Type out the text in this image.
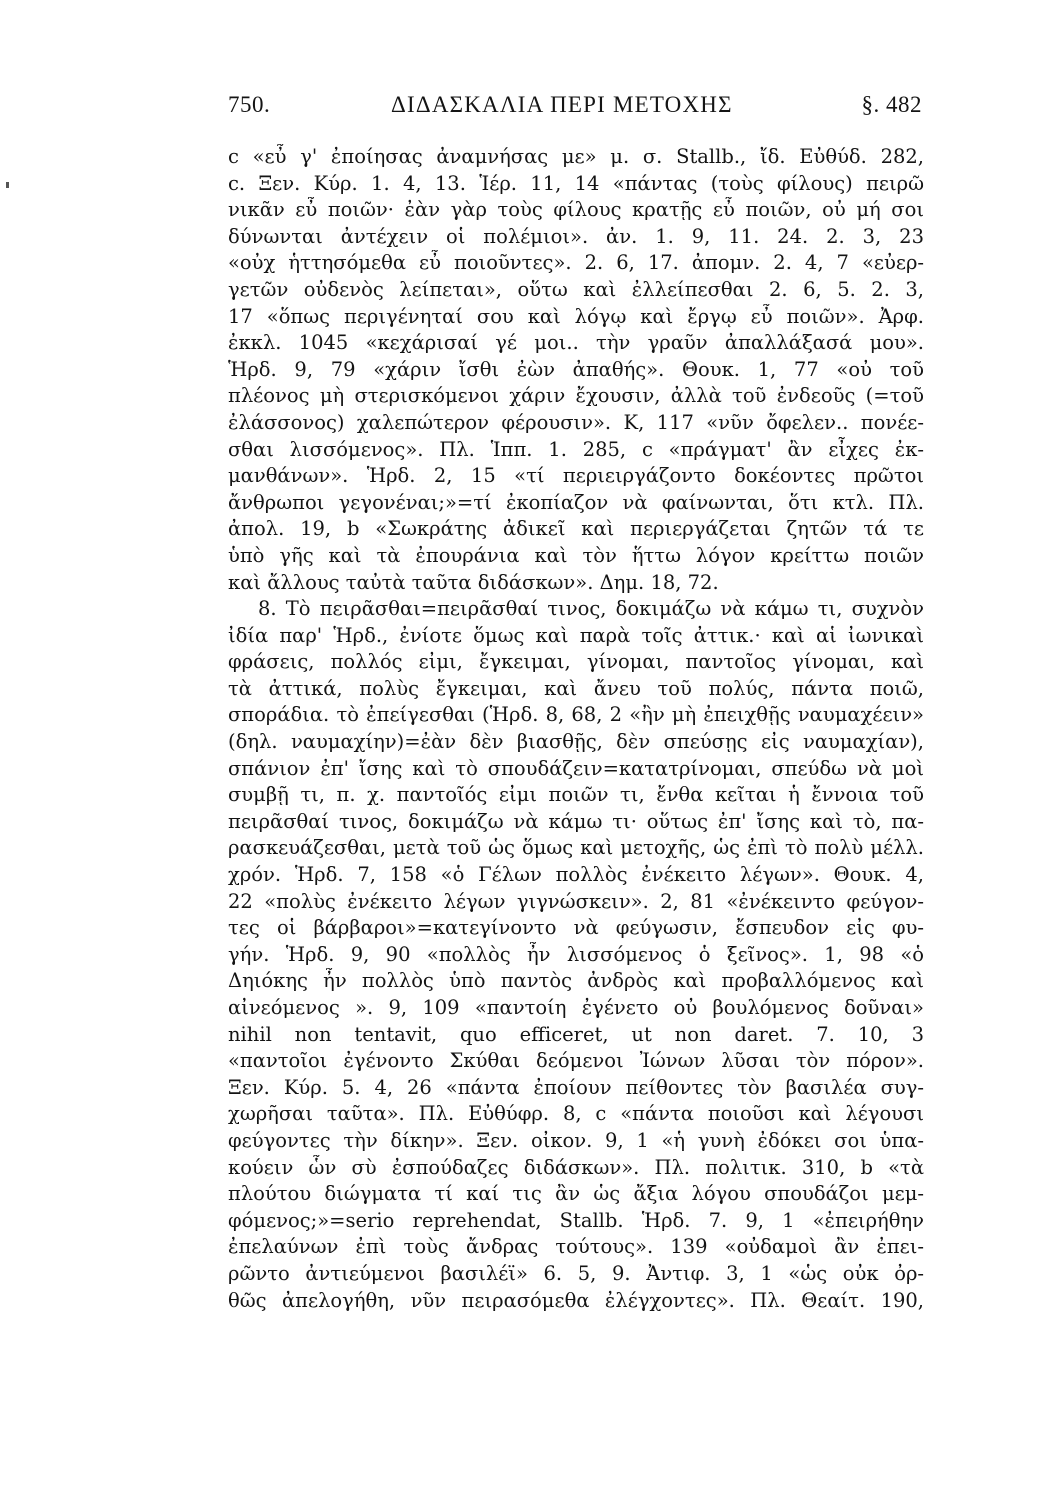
750.	ΔΙΔΑΣΚΑΛΙΑ ΠΕΡΙ ΜΕΤΟΧΗΣ	§. 482
c «εὖ γ' ἐποίησας ἀναμνήσας με» μ. σ. Stallb., ἴδ. Εὐθύδ. 282,
c. Ξεν. Κύρ. 1. 4, 13. Ἱέρ. 11, 14 «πάντας (τοὺς φίλους) πειρῶ
νικᾶν εὖ ποιῶν· ἐὰν γὰρ τοὺς φίλους κρατῇς εὖ ποιῶν, οὐ μή σοι
δύνωνται ἀντέχειν οἱ πολέμιοι». ἀν. 1. 9, 11. 24. 2. 3, 23
«οὐχ ἡττησόμεθα εὖ ποιοῦντες». 2. 6, 17. ἀπομν. 2. 4, 7 «εὐερ-
γετῶν οὐδενὸς λείπεται», οὕτω καὶ ἐλλείπεσθαι 2. 6, 5. 2. 3,
17 «ὅπως περιγένηταί σου καὶ λόγῳ καὶ ἔργῳ εὖ ποιῶν». Ἀρφ.
ἐκκλ. 1045 «κεχάρισαί γέ μοι.. τὴν γραῦν ἀπαλλάξασά μου».
Ἡρδ. 9, 79 «χάριν ἴσθι ἐὼν ἀπαθής». Θουκ. 1, 77 «οὐ τοῦ
πλέονος μὴ στερισκόμενοι χάριν ἔχουσιν, ἀλλὰ τοῦ ἐνδεοῦς (=τοῦ
ἐλάσσονος) χαλεπώτερον φέρουσιν». Κ, 117 «νῦν ὄφελεν.. πονέε-
σθαι λισσόμενος». Πλ. Ἱππ. 1. 285, c «πράγματ' ἂν εἶχες ἐκ-
μανθάνων». Ἡρδ. 2, 15 «τί περιειργάζοντο δοκέοντες πρῶτοι
ἄνθρωποι γεγονέναι;»=τί ἐκοπίαζον νὰ φαίνωνται, ὅτι κτλ. Πλ.
ἀπολ. 19, b «Σωκράτης ἀδικεῖ καὶ περιεργάζεται ζητῶν τά τε
ὑπὸ γῆς καὶ τὰ ἐπουράνια καὶ τὸν ἥττω λόγον κρείττω ποιῶν
καὶ ἄλλους ταὐτὰ ταῦτα διδάσκων». Δημ. 18, 72.
8. Τὸ πειρᾶσθαι=πειρᾶσθαί τινος, δοκιμάζω νὰ κάμω τι, συχνὸν
ἰδία παρ' Ἡρδ., ἐνίοτε ὅμως καὶ παρὰ τοῖς ἀττικ.· καὶ αἱ ἰωνικαὶ
φράσεις, πολλός εἰμι, ἔγκειμαι, γίνομαι, παντοῖος γίνομαι, καὶ
τὰ ἀττικά, πολὺς ἔγκειμαι, καὶ ἄνευ τοῦ πολύς, πάντα ποιῶ,
σποράδια. τὸ ἐπείγεσθαι (Ἡρδ. 8, 68, 2 «ἢν μὴ ἐπειχθῇς ναυμαχέειν»
(δηλ. ναυμαχίην)=ἐὰν δὲν βιασθῇς, δὲν σπεύσῃς εἰς ναυμαχίαν),
σπάνιον ἐπ' ἴσης καὶ τὸ σπουδάζειν=κατατρίνομαι, σπεύδω νὰ μοὶ
συμβῇ τι, π. χ. παντοῖός εἰμι ποιῶν τι, ἔνθα κεῖται ἡ ἔννοια τοῦ
πειρᾶσθαί τινος, δοκιμάζω νὰ κάμω τι· οὕτως ἐπ' ἴσης καὶ τὸ, πα-
ρασκευάζεσθαι, μετὰ τοῦ ὡς ὅμως καὶ μετοχῆς, ὡς ἐπὶ τὸ πολὺ μέλλ.
χρόν. Ἡρδ. 7, 158 «ὁ Γέλων πολλὸς ἐνέκειτο λέγων». Θουκ. 4,
22 «πολὺς ἐνέκειτο λέγων γιγνώσκειν». 2, 81 «ἐνέκειντο φεύγον-
τες οἱ βάρβαροι»=κατεγίνοντο νὰ φεύγωσιν, ἔσπευδον εἰς φυ-
γήν. Ἡρδ. 9, 90 «πολλὸς ἦν λισσόμενος ὁ ξεῖνος». 1, 98 «ὁ
Δηιόκης ἦν πολλὸς ὑπὸ παντὸς ἀνδρὸς καὶ προβαλλόμενος καὶ
αἰνεόμενος ». 9, 109 «παντοίη ἐγένετο οὐ βουλόμενος δοῦναι»
nihil non tentavit, quo efficeret, ut non daret. 7. 10, 3
«παντοῖοι ἐγένοντο Σκύθαι δεόμενοι Ἰώνων λῦσαι τὸν πόρον».
Ξεν. Κύρ. 5. 4, 26 «πάντα ἐποίουν πείθοντες τὸν βασιλέα συγ-
χωρῆσαι ταῦτα». Πλ. Εὐθύφρ. 8, c «πάντα ποιοῦσι καὶ λέγουσι
φεύγοντες τὴν δίκην». Ξεν. οἰκον. 9, 1 «ἡ γυνὴ ἐδόκει σοι ὑπα-
κούειν ὧν σὺ ἐσπούδαζες διδάσκων». Πλ. πολιτικ. 310, b «τὰ
πλούτου διώγματα τί καί τις ἂν ὡς ἄξια λόγου σπουδάζοι μεμ-
φόμενος;»=serio reprehendat, Stallb. Ἡρδ. 7. 9, 1 «ἐπειρήθην
ἐπελαύνων ἐπὶ τοὺς ἄνδρας τούτους». 139 «οὐδαμοὶ ἂν ἐπει-
ρῶντο ἀντιεύμενοι βασιλέϊ» 6. 5, 9. Ἀντιφ. 3, 1 «ὡς οὐκ ὀρ-
θῶς ἀπελογήθη, νῦν πειρασόμεθα ἐλέγχοντες». Πλ. Θεαίτ. 190,
